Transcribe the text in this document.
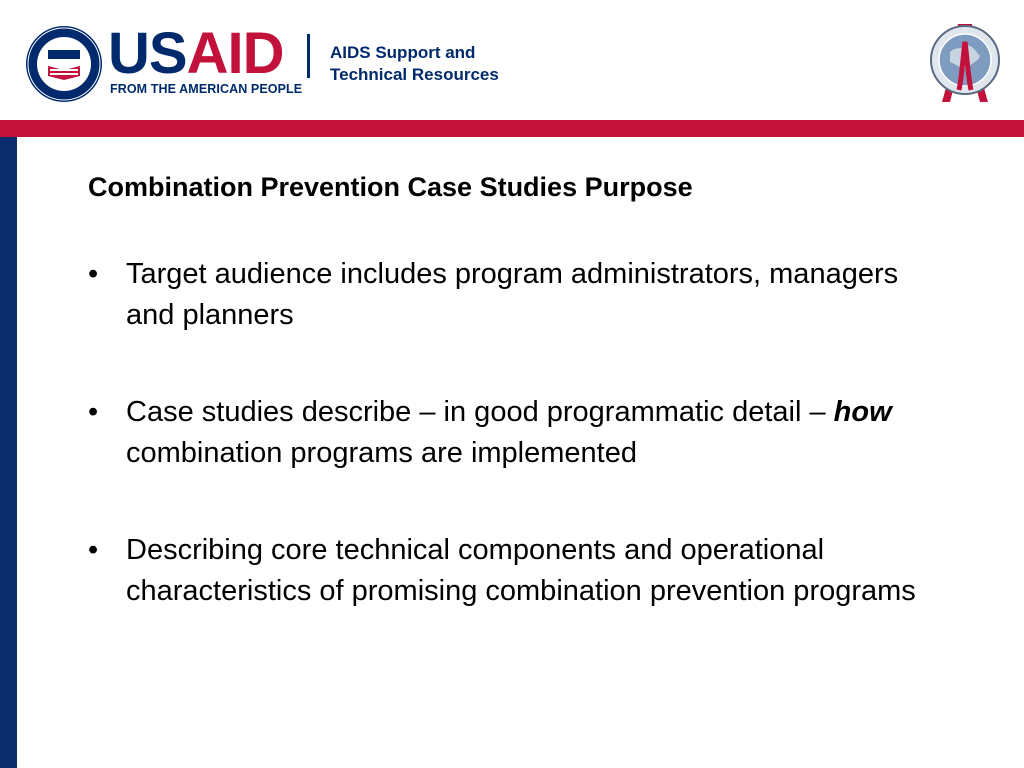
USAID
FROM THE AMERICAN PEOPLE
AIDS Support and
Technical Resources
Combination Prevention Case Studies Purpose
• Target audience includes program administrators, managers and planners
• Case studies describe – in good programmatic detail – how combination programs are implemented
• Describing core technical components and operational characteristics of promising combination prevention programs
